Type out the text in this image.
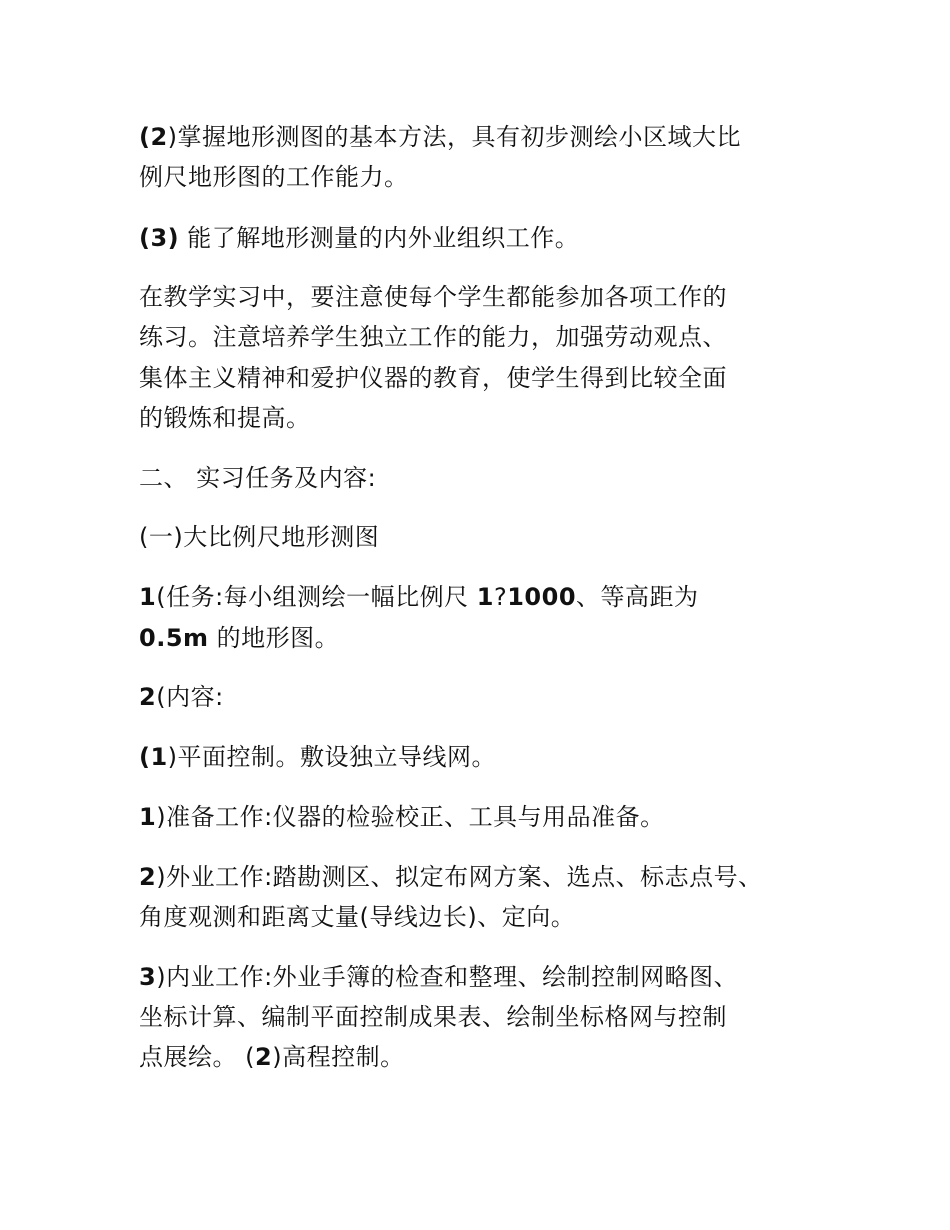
(2)掌握地形测图的基本方法，具有初步测绘小区域大比
例尺地形图的工作能力。
(3) 能了解地形测量的内外业组织工作。
在教学实习中，要注意使每个学生都能参加各项工作的
练习。注意培养学生独立工作的能力，加强劳动观点、
集体主义精神和爱护仪器的教育，使学生得到比较全面
的锻炼和提高。
二、 实习任务及内容:
(一)大比例尺地形测图
1(任务:每小组测绘一幅比例尺 1?1000、等高距为
0.5m 的地形图。
2(内容:
(1)平面控制。敷设独立导线网。
1)准备工作:仪器的检验校正、工具与用品准备。
2)外业工作:踏勘测区、拟定布网方案、选点、标志点号、
角度观测和距离丈量(导线边长)、定向。
3)内业工作:外业手簿的检查和整理、绘制控制网略图、
坐标计算、编制平面控制成果表、绘制坐标格网与控制
点展绘。 (2)高程控制。
